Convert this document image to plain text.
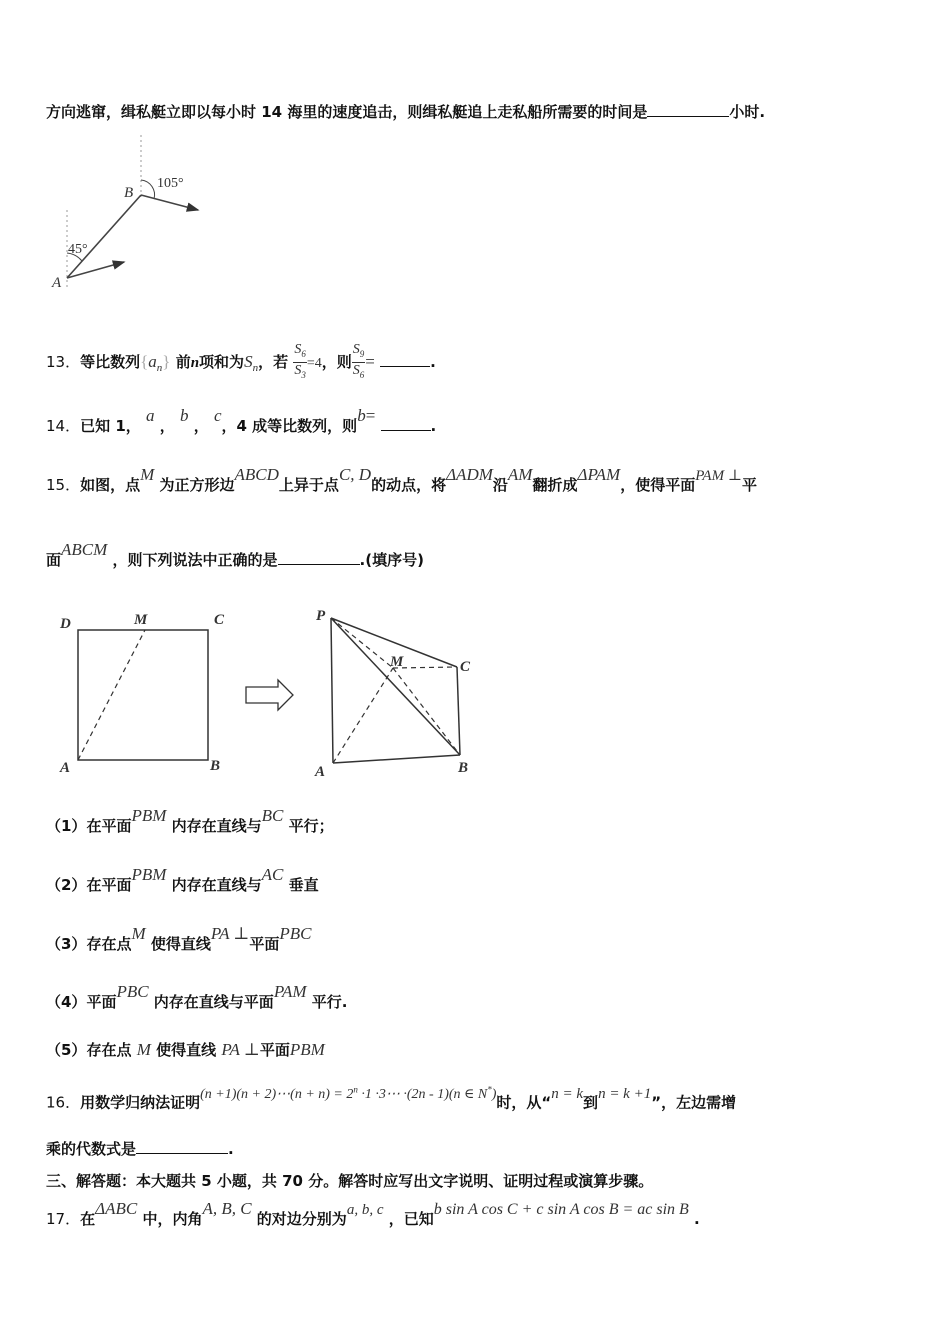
方向逃窜，缉私艇立即以每小时 14 海里的速度追击，则缉私艇追上走私船所需要的时间是	小时.
A
B
45°
105°
13．等比数列$\{a_n\}$ 前n项和为$S_n$，若 $\frac{S_6}{S_3} =4$，则 $\frac{S_9}{S_6}$ =	.
14．已知 1， a ， b ， c，4 成等比数列，则b= .
15．如图，点M 为正方形边ABCD上异于点C, D的动点，将ΔADM沿AM翻折成ΔPAM，使得平面PAM ⊥平
面ABCM ，则下列说法中正确的是	.(填序号)
D	M	C
A	B
P
M	C
A	B
（1）在平面PBM 内存在直线与BC 平行；
（2）在平面PBM 内存在直线与AC 垂直
（3）存在点M 使得直线PA ⊥平面PBC
（4）平面PBC 内存在直线与平面PAM 平行.
（5）存在点 M 使得直线 PA ⊥平面PBM
16．用数学归纳法证明(n +1)(n + 2)⋯(n + $n) = 2^n \cdot 1$ ·3⋯ ·(2n - 1)(n ∈ N*)时，从“n = k到n = k +1”，左边需增
乘的代数式是	.
三、解答题：本大题共 5 小题，共 70 分。解答时应写出文字说明、证明过程或演算步骤。
17．在ΔABC 中，内角A, B, C 的对边分别为a, b, c ，已知b sin A cos C + c sin A cos B = ac sin B .
